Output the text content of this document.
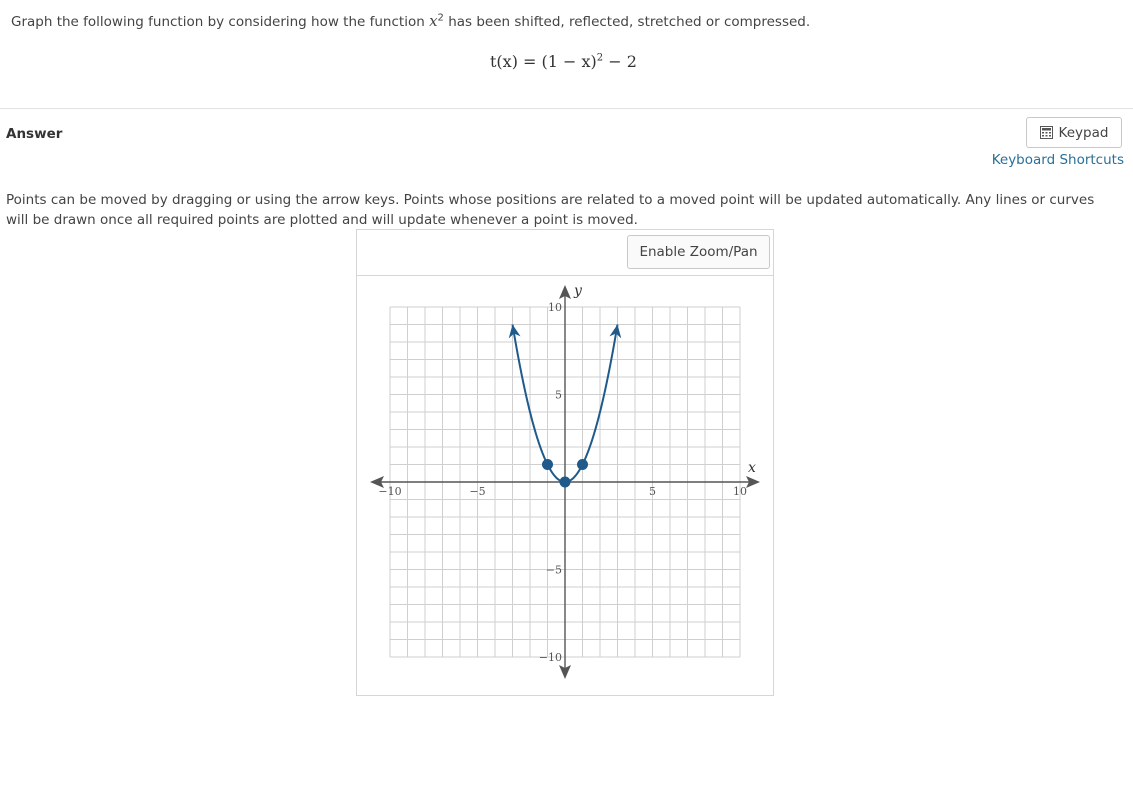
Graph the following function by considering how the function $x^2$ has been shifted, reflected, stretched or compressed.
$t(x) = (1 - x)^2 - 2$
Answer	Keypad
Keyboard Shortcuts
Points can be moved by dragging or using the arrow keys. Points whose positions are related to a moved point will be updated automatically. Any lines or curves will be drawn once all required points are plotted and will update whenever a point is moved.
Enable Zoom/Pan
x
y
−10	−5	5	10
10
5
−5
−10
